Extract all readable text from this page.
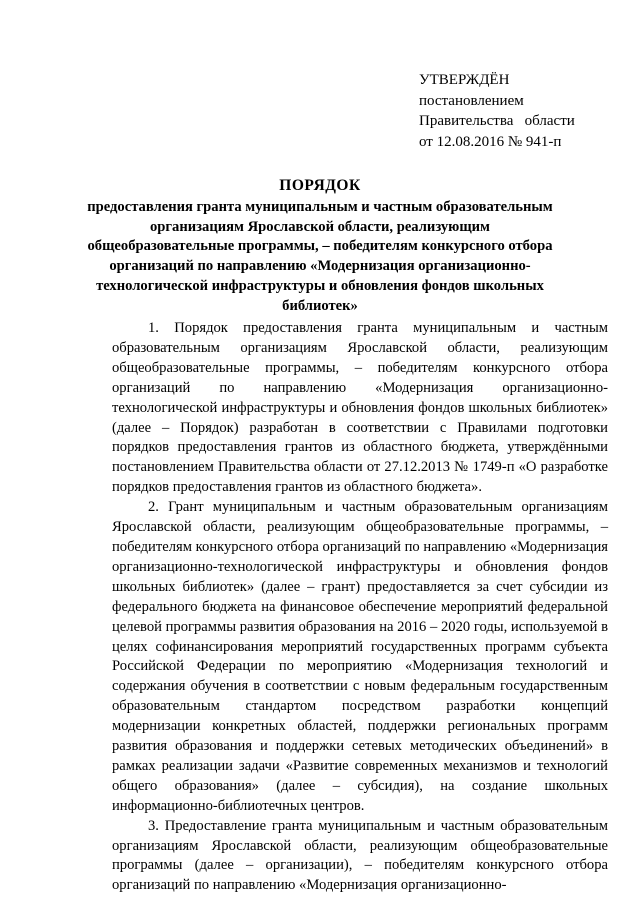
УТВЕРЖДЁН
постановлением
Правительства   области
от 12.08.2016 № 941-п
ПОРЯДОК
предоставления гранта муниципальным и частным образовательным организациям Ярославской области, реализующим общеобразовательные программы, – победителям конкурсного отбора организаций по направлению «Модернизация организационно-технологической инфраструктуры и обновления фондов школьных библиотек»

1. Порядок предоставления гранта муниципальным и частным образовательным организациям Ярославской области, реализующим общеобразовательные программы, – победителям конкурсного отбора организаций по направлению «Модернизация организационно-технологической инфраструктуры и обновления фондов школьных библиотек» (далее – Порядок) разработан в соответствии с Правилами подготовки порядков предоставления грантов из областного бюджета, утверждёнными постановлением Правительства области от 27.12.2013 № 1749-п «О разработке порядков предоставления грантов из областного бюджета».

2. Грант муниципальным и частным образовательным организациям Ярославской области, реализующим общеобразовательные программы, – победителям конкурсного отбора организаций по направлению «Модернизация организационно-технологической инфраструктуры и обновления фондов школьных библиотек» (далее – грант) предоставляется за счет субсидии из федерального бюджета на финансовое обеспечение мероприятий федеральной целевой программы развития образования на 2016 – 2020 годы, используемой в целях софинансирования мероприятий государственных программ субъекта Российской Федерации по мероприятию «Модернизация технологий и содержания обучения в соответствии с новым федеральным государственным образовательным стандартом посредством разработки концепций модернизации конкретных областей, поддержки региональных программ развития образования и поддержки сетевых методических объединений» в рамках реализации задачи «Развитие современных механизмов и технологий общего образования» (далее – субсидия), на создание школьных информационно-библиотечных центров.

3. Предоставление гранта муниципальным и частным образовательным организациям Ярославской области, реализующим общеобразовательные программы (далее – организации), – победителям конкурсного отбора организаций по направлению «Модернизация организационно-
